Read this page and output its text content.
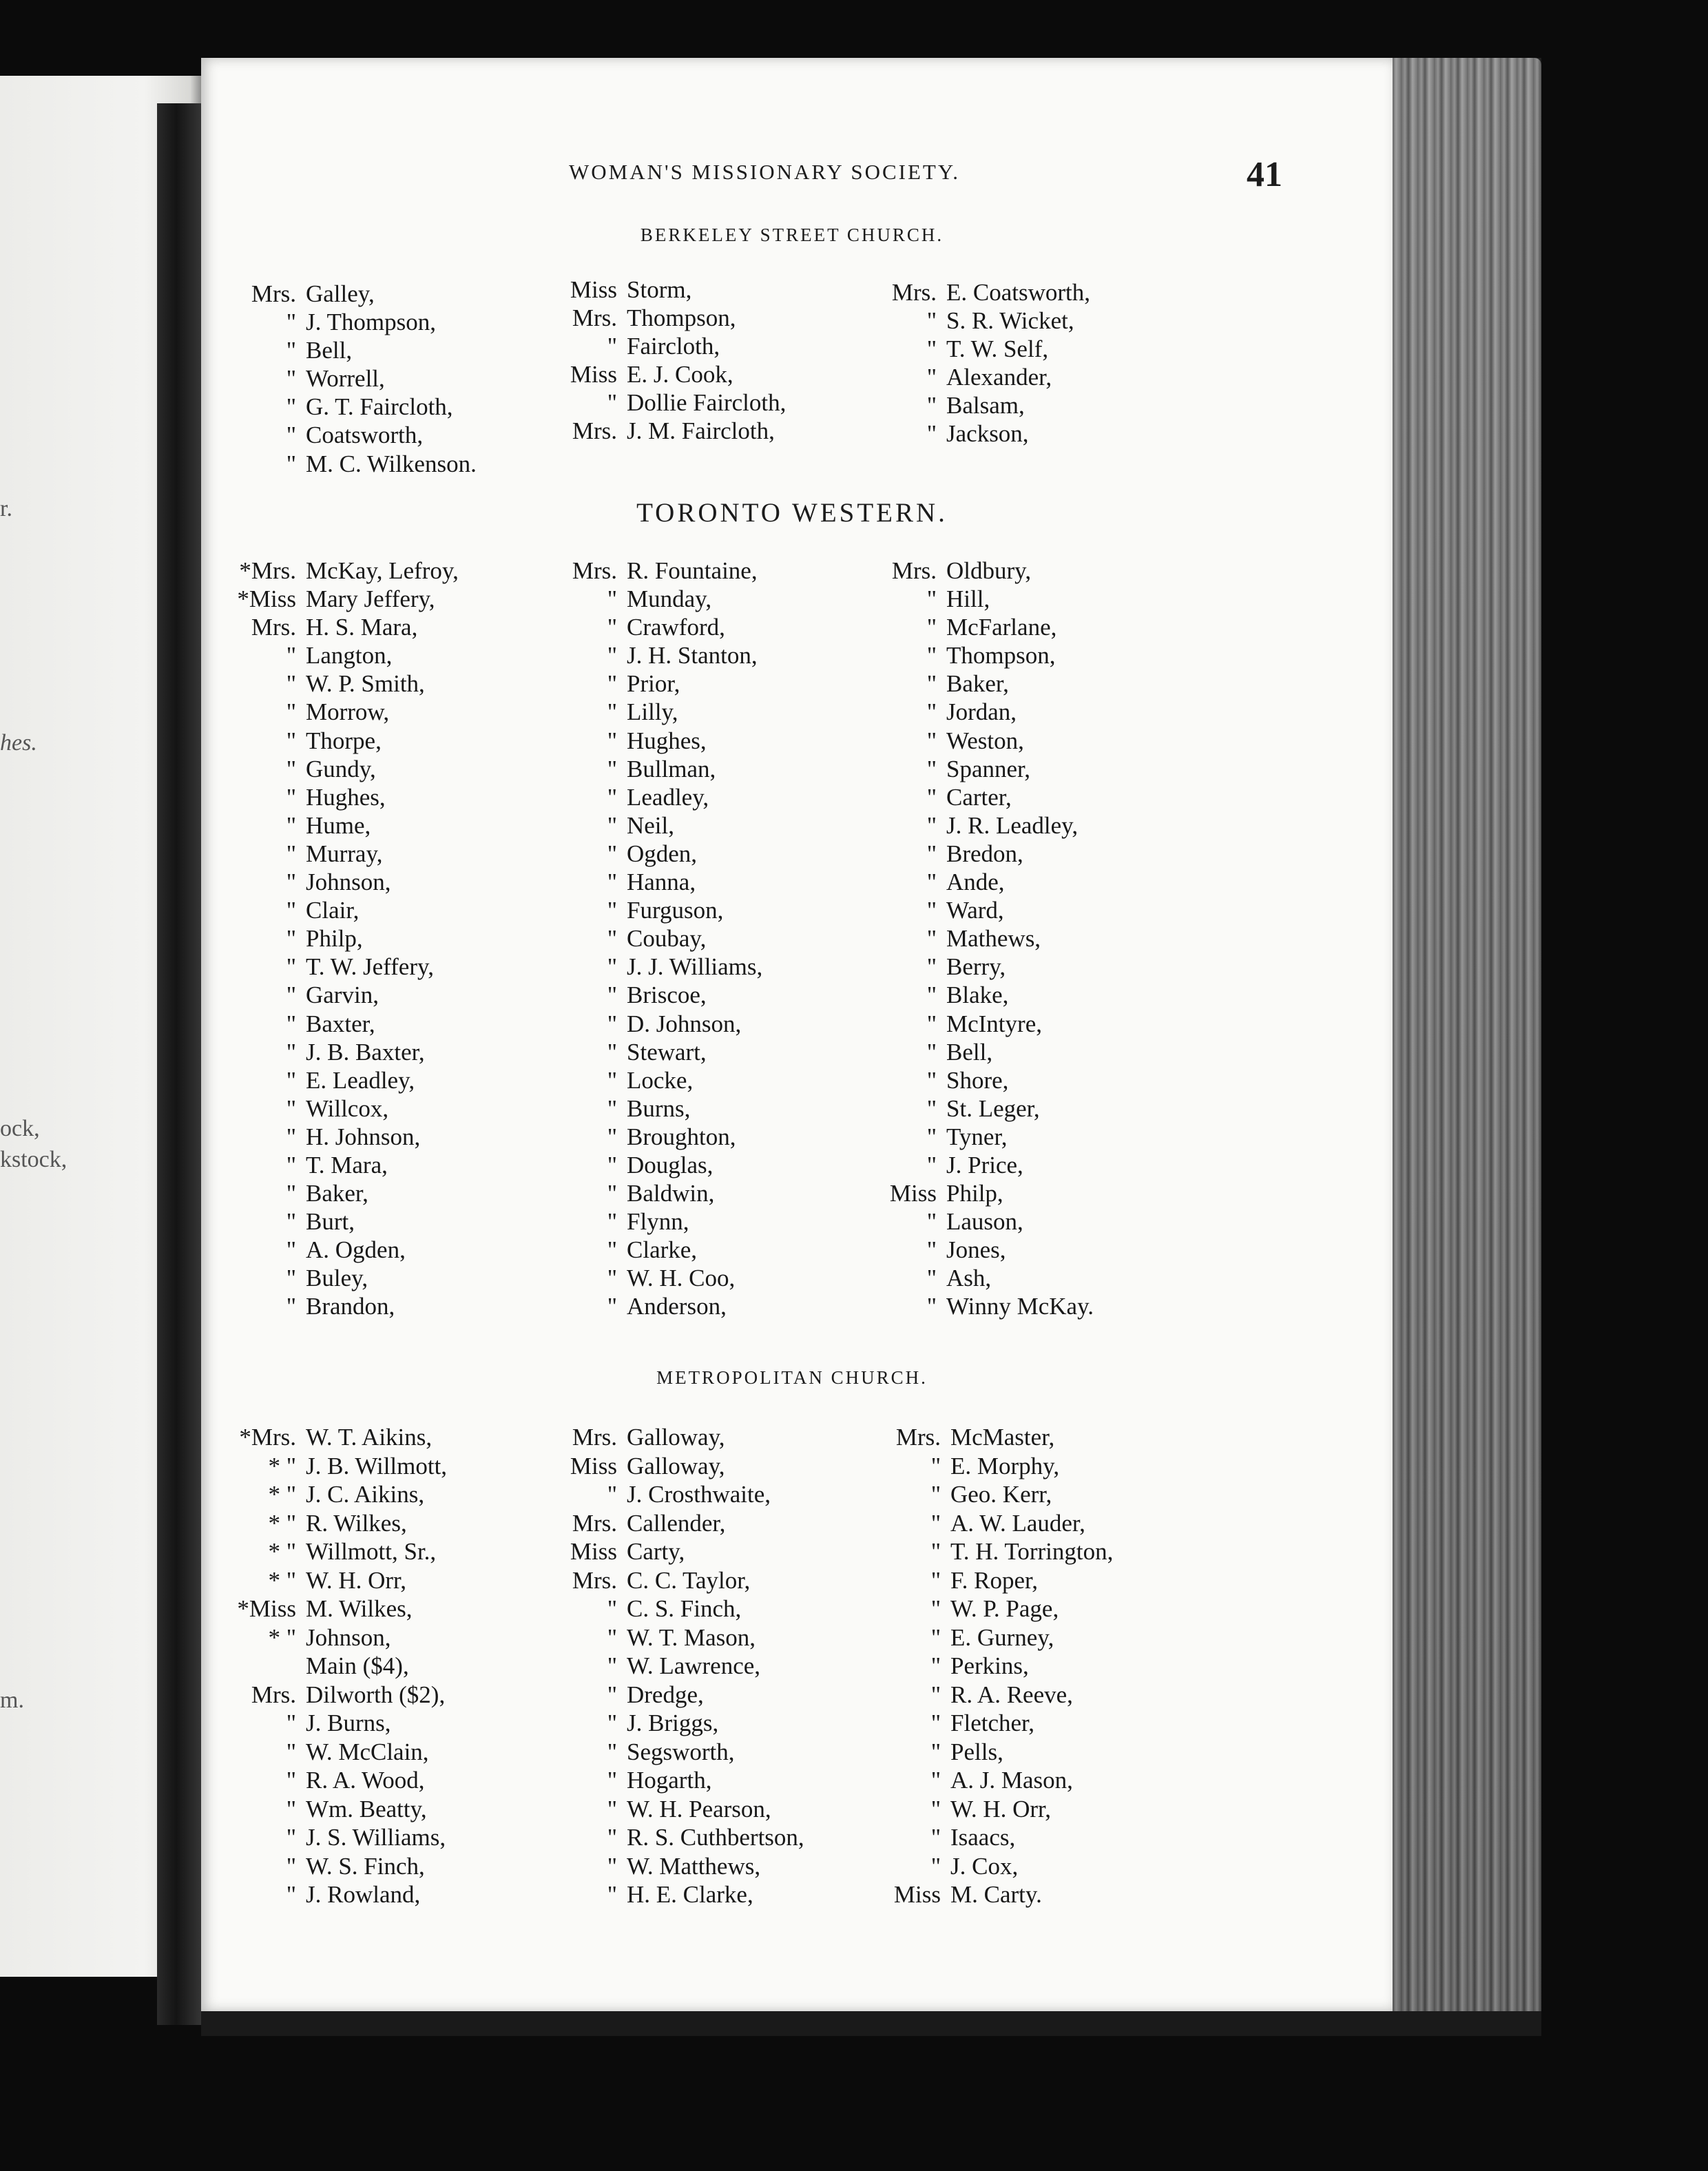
r.
hes.
ock,
kstock,
m.
WOMAN'S MISSIONARY SOCIETY.	41
BERKELEY STREET CHURCH.
TORONTO WESTERN.
METROPOLITAN CHURCH.
Mrs. Galley,
" J. Thompson,
" Bell,
" Worrell,
" G. T. Faircloth,
" Coatsworth,
" M. C. Wilkenson.
Miss Storm,
Mrs. Thompson,
" Faircloth,
Miss E. J. Cook,
" Dollie Faircloth,
Mrs. J. M. Faircloth,
Mrs. E. Coatsworth,
" S. R. Wicket,
" T. W. Self,
" Alexander,
" Balsam,
" Jackson,
*Mrs. McKay, Lefroy,
*Miss Mary Jeffery,
Mrs. H. S. Mara,
" Langton,
" W. P. Smith,
" Morrow,
" Thorpe,
" Gundy,
" Hughes,
" Hume,
" Murray,
" Johnson,
" Clair,
" Philp,
" T. W. Jeffery,
" Garvin,
" Baxter,
" J. B. Baxter,
" E. Leadley,
" Willcox,
" H. Johnson,
" T. Mara,
" Baker,
" Burt,
" A. Ogden,
" Buley,
" Brandon,
Mrs. R. Fountaine,
" Munday,
" Crawford,
" J. H. Stanton,
" Prior,
" Lilly,
" Hughes,
" Bullman,
" Leadley,
" Neil,
" Ogden,
" Hanna,
" Furguson,
" Coubay,
" J. J. Williams,
" Briscoe,
" D. Johnson,
" Stewart,
" Locke,
" Burns,
" Broughton,
" Douglas,
" Baldwin,
" Flynn,
" Clarke,
" W. H. Coo,
" Anderson,
Mrs. Oldbury,
" Hill,
" McFarlane,
" Thompson,
" Baker,
" Jordan,
" Weston,
" Spanner,
" Carter,
" J. R. Leadley,
" Bredon,
" Ande,
" Ward,
" Mathews,
" Berry,
" Blake,
" McIntyre,
" Bell,
" Shore,
" St. Leger,
" Tyner,
" J. Price,
Miss Philp,
" Lauson,
" Jones,
" Ash,
" Winny McKay.
*Mrs. W. T. Aikins,
* " J. B. Willmott,
* " J. C. Aikins,
* " R. Wilkes,
* " Willmott, Sr.,
* " W. H. Orr,
*Miss M. Wilkes,
* " Johnson,
Main ($4),
Mrs. Dilworth ($2),
" J. Burns,
" W. McClain,
" R. A. Wood,
" Wm. Beatty,
" J. S. Williams,
" W. S. Finch,
" J. Rowland,
Mrs. Galloway,
Miss Galloway,
" J. Crosthwaite,
Mrs. Callender,
Miss Carty,
Mrs. C. C. Taylor,
" C. S. Finch,
" W. T. Mason,
" W. Lawrence,
" Dredge,
" J. Briggs,
" Segsworth,
" Hogarth,
" W. H. Pearson,
" R. S. Cuthbertson,
" W. Matthews,
" H. E. Clarke,
Mrs. McMaster,
" E. Morphy,
" Geo. Kerr,
" A. W. Lauder,
" T. H. Torrington,
" F. Roper,
" W. P. Page,
" E. Gurney,
" Perkins,
" R. A. Reeve,
" Fletcher,
" Pells,
" A. J. Mason,
" W. H. Orr,
" Isaacs,
" J. Cox,
Miss M. Carty.
